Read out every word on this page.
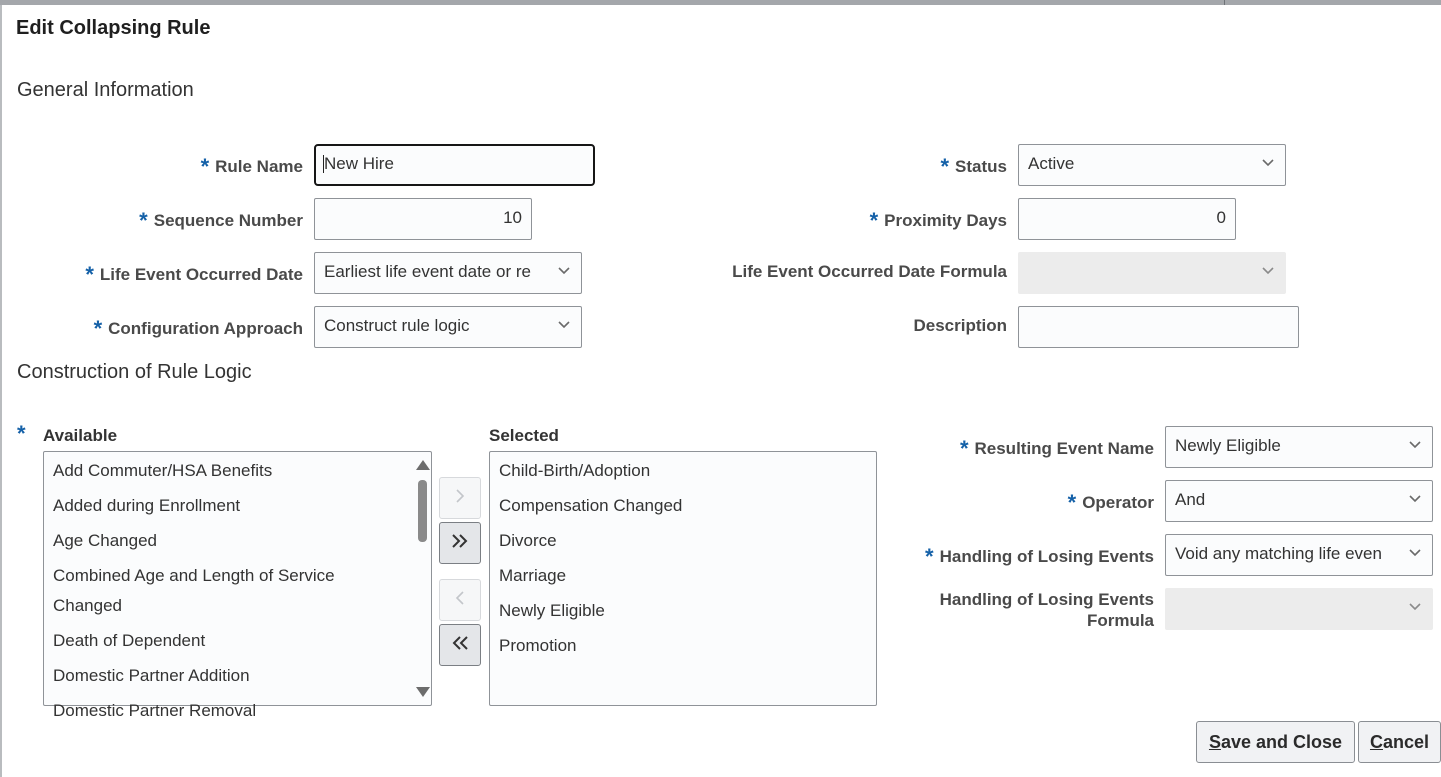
Edit Collapsing Rule
General Information
* Rule Name
* Sequence Number
* Life Event Occurred Date
* Configuration Approach
New Hire
10
Earliest life event date or re
Construct rule logic
* Status
* Proximity Days
Life Event Occurred Date Formula
Description
Active
0
Construction of Rule Logic
* Available	Selected
Add Commuter/HSA Benefits
Added during Enrollment
Age Changed
Combined Age and Length of Service
Changed
Death of Dependent
Domestic Partner Addition
Domestic Partner Removal
Child-Birth/Adoption
Compensation Changed
Divorce
Marriage
Newly Eligible
Promotion
* Resulting Event Name
* Operator
* Handling of Losing Events
Handling of Losing Events
Formula
Newly Eligible
And
Void any matching life even
Save and Close	Cancel
